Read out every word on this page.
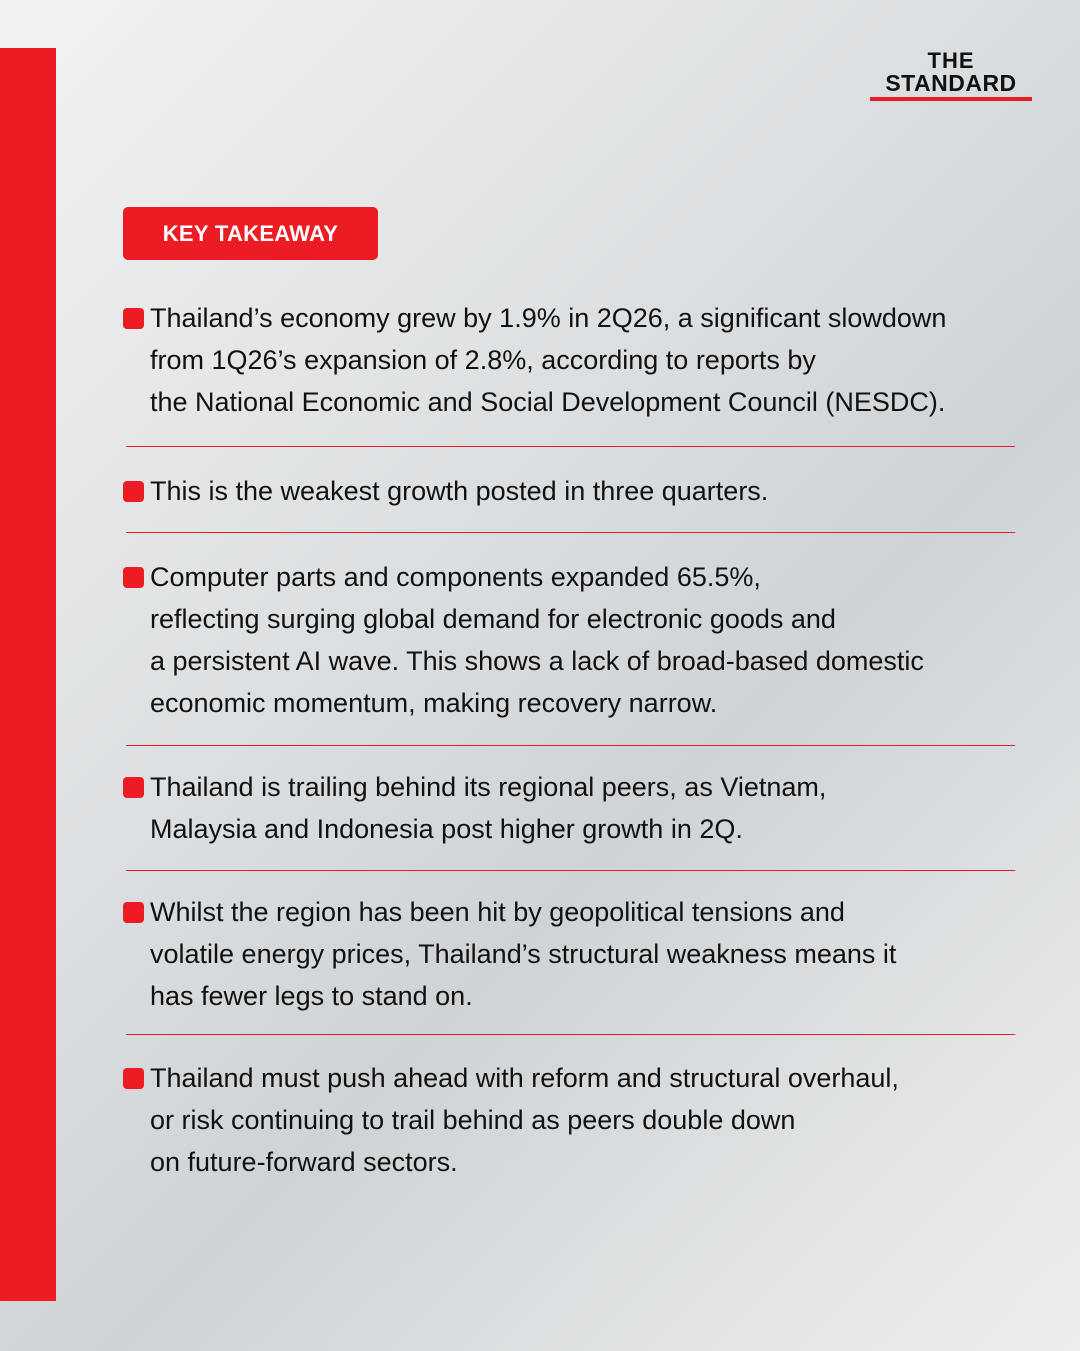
THE
STANDARD
KEY TAKEAWAY

Thailand’s economy grew by 1.9% in 2Q26, a significant slowdown
from 1Q26’s expansion of 2.8%, according to reports by
the National Economic and Social Development Council (NESDC).

This is the weakest growth posted in three quarters.

Computer parts and components expanded 65.5%,
reflecting surging global demand for electronic goods and
a persistent AI wave. This shows a lack of broad-based domestic
economic momentum, making recovery narrow.

Thailand is trailing behind its regional peers, as Vietnam,
Malaysia and Indonesia post higher growth in 2Q.

Whilst the region has been hit by geopolitical tensions and
volatile energy prices, Thailand’s structural weakness means it
has fewer legs to stand on.

Thailand must push ahead with reform and structural overhaul,
or risk continuing to trail behind as peers double down
on future-forward sectors.
